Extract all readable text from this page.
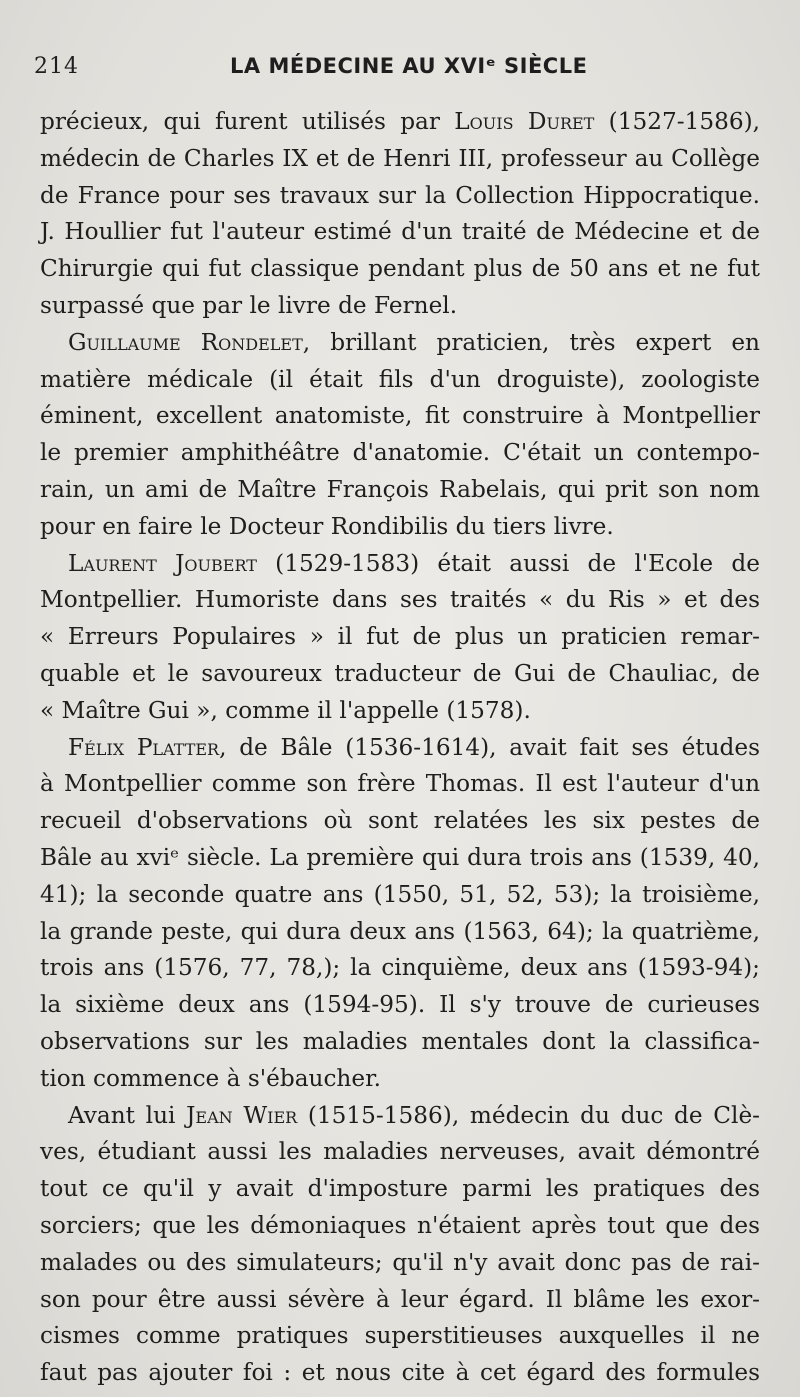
214	LA MÉDECINE AU XVIᵉ SIÈCLE
précieux, qui furent utilisés par Louis Duret (1527-1586),
médecin de Charles IX et de Henri III, professeur au Collège
de France pour ses travaux sur la Collection Hippocratique.
J. Houllier fut l'auteur estimé d'un traité de Médecine et de
Chirurgie qui fut classique pendant plus de 50 ans et ne fut
surpassé que par le livre de Fernel.
Guillaume Rondelet, brillant praticien, très expert en
matière médicale (il était fils d'un droguiste), zoologiste
éminent, excellent anatomiste, fit construire à Montpellier
le premier amphithéâtre d'anatomie. C'était un contempo-
rain, un ami de Maître François Rabelais, qui prit son nom
pour en faire le Docteur Rondibilis du tiers livre.
Laurent Joubert (1529-1583) était aussi de l'Ecole de
Montpellier. Humoriste dans ses traités « du Ris » et des
« Erreurs Populaires » il fut de plus un praticien remar-
quable et le savoureux traducteur de Gui de Chauliac, de
« Maître Gui », comme il l'appelle (1578).
Félix Platter, de Bâle (1536-1614), avait fait ses études
à Montpellier comme son frère Thomas. Il est l'auteur d'un
recueil d'observations où sont relatées les six pestes de
Bâle au xviᵉ siècle. La première qui dura trois ans (1539, 40,
41); la seconde quatre ans (1550, 51, 52, 53); la troisième,
la grande peste, qui dura deux ans (1563, 64); la quatrième,
trois ans (1576, 77, 78,); la cinquième, deux ans (1593-94);
la sixième deux ans (1594-95). Il s'y trouve de curieuses
observations sur les maladies mentales dont la classifica-
tion commence à s'ébaucher.
Avant lui Jean Wier (1515-1586), médecin du duc de Clè-
ves, étudiant aussi les maladies nerveuses, avait démontré
tout ce qu'il y avait d'imposture parmi les pratiques des
sorciers; que les démoniaques n'étaient après tout que des
malades ou des simulateurs; qu'il n'y avait donc pas de rai-
son pour être aussi sévère à leur égard. Il blâme les exor-
cismes comme pratiques superstitieuses auxquelles il ne
faut pas ajouter foi : et nous cite à cet égard des formules
